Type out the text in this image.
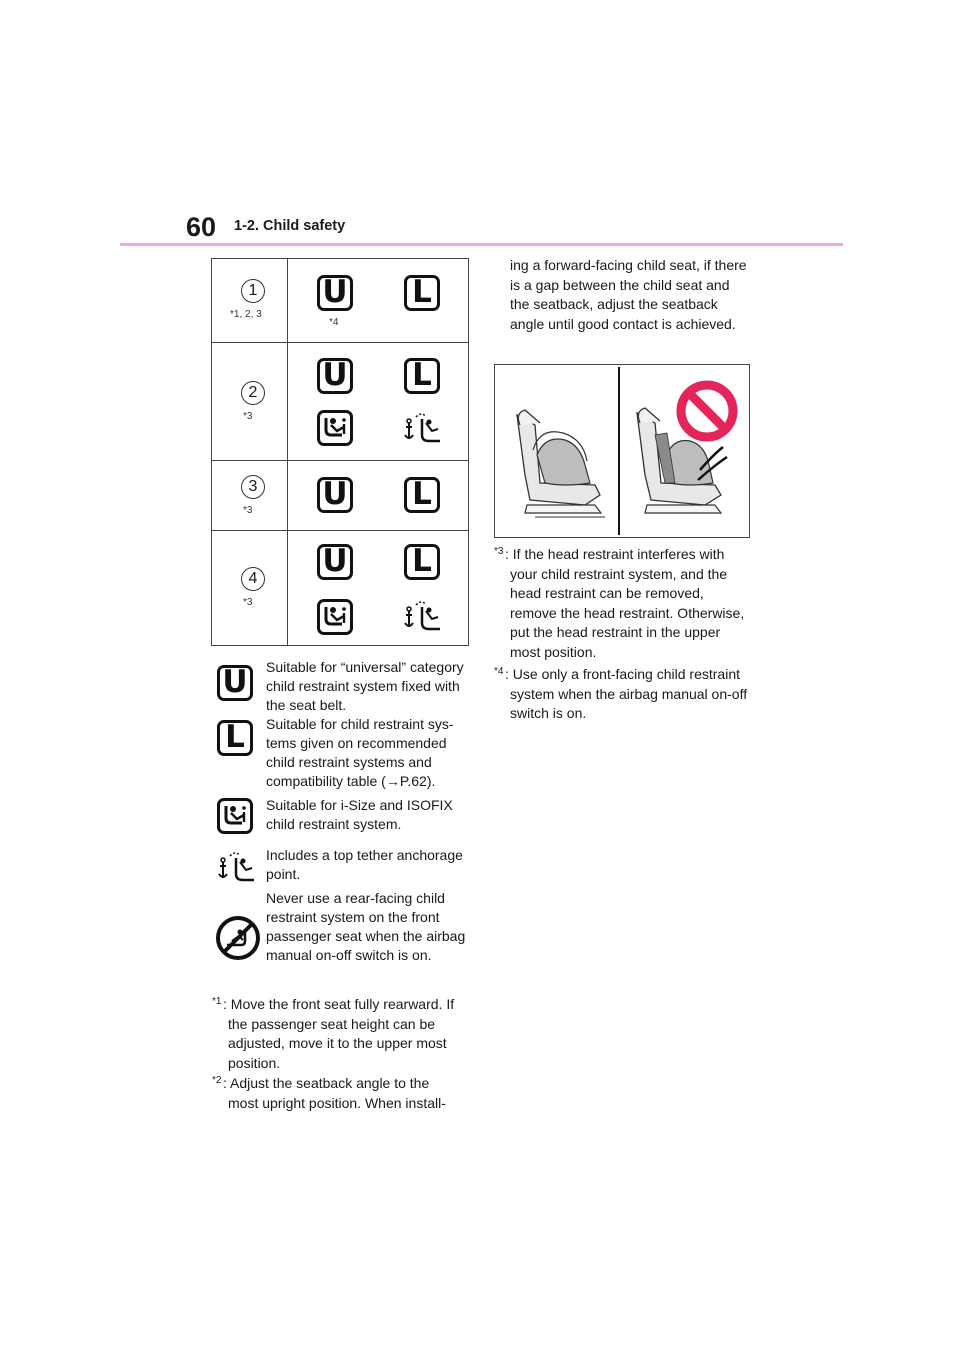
60 1-2. Child safety
1
*1, 2, 3
U
*4
L
2
*3
U L
3
*3 U L
4
*3
U L
U	Suitable for “universal” category child restraint system fixed with the seat belt.
L	Suitable for child restraint sys-tems given on recommended child restraint systems and compatibility table (→P.62).
Suitable for i-Size and ISOFIX child restraint system.
Includes a top tether anchorage point.
Never use a rear-facing child restraint system on the front passenger seat when the airbag manual on-off switch is on.
*1 : Move the front seat fully rearward. If
the passenger seat height can be adjusted, move it to the upper most position.
*2 : Adjust the seatback angle to the
most upright position. When install-
ing a forward-facing child seat, if there is a gap between the child seat and the seatback, adjust the seatback angle until good contact is achieved.
*3 : If the head restraint interferes with
your child restraint system, and the head restraint can be removed, remove the head restraint. Otherwise, put the head restraint in the upper most position.
*4 : Use only a front-facing child restraint
system when the airbag manual on-off switch is on.
